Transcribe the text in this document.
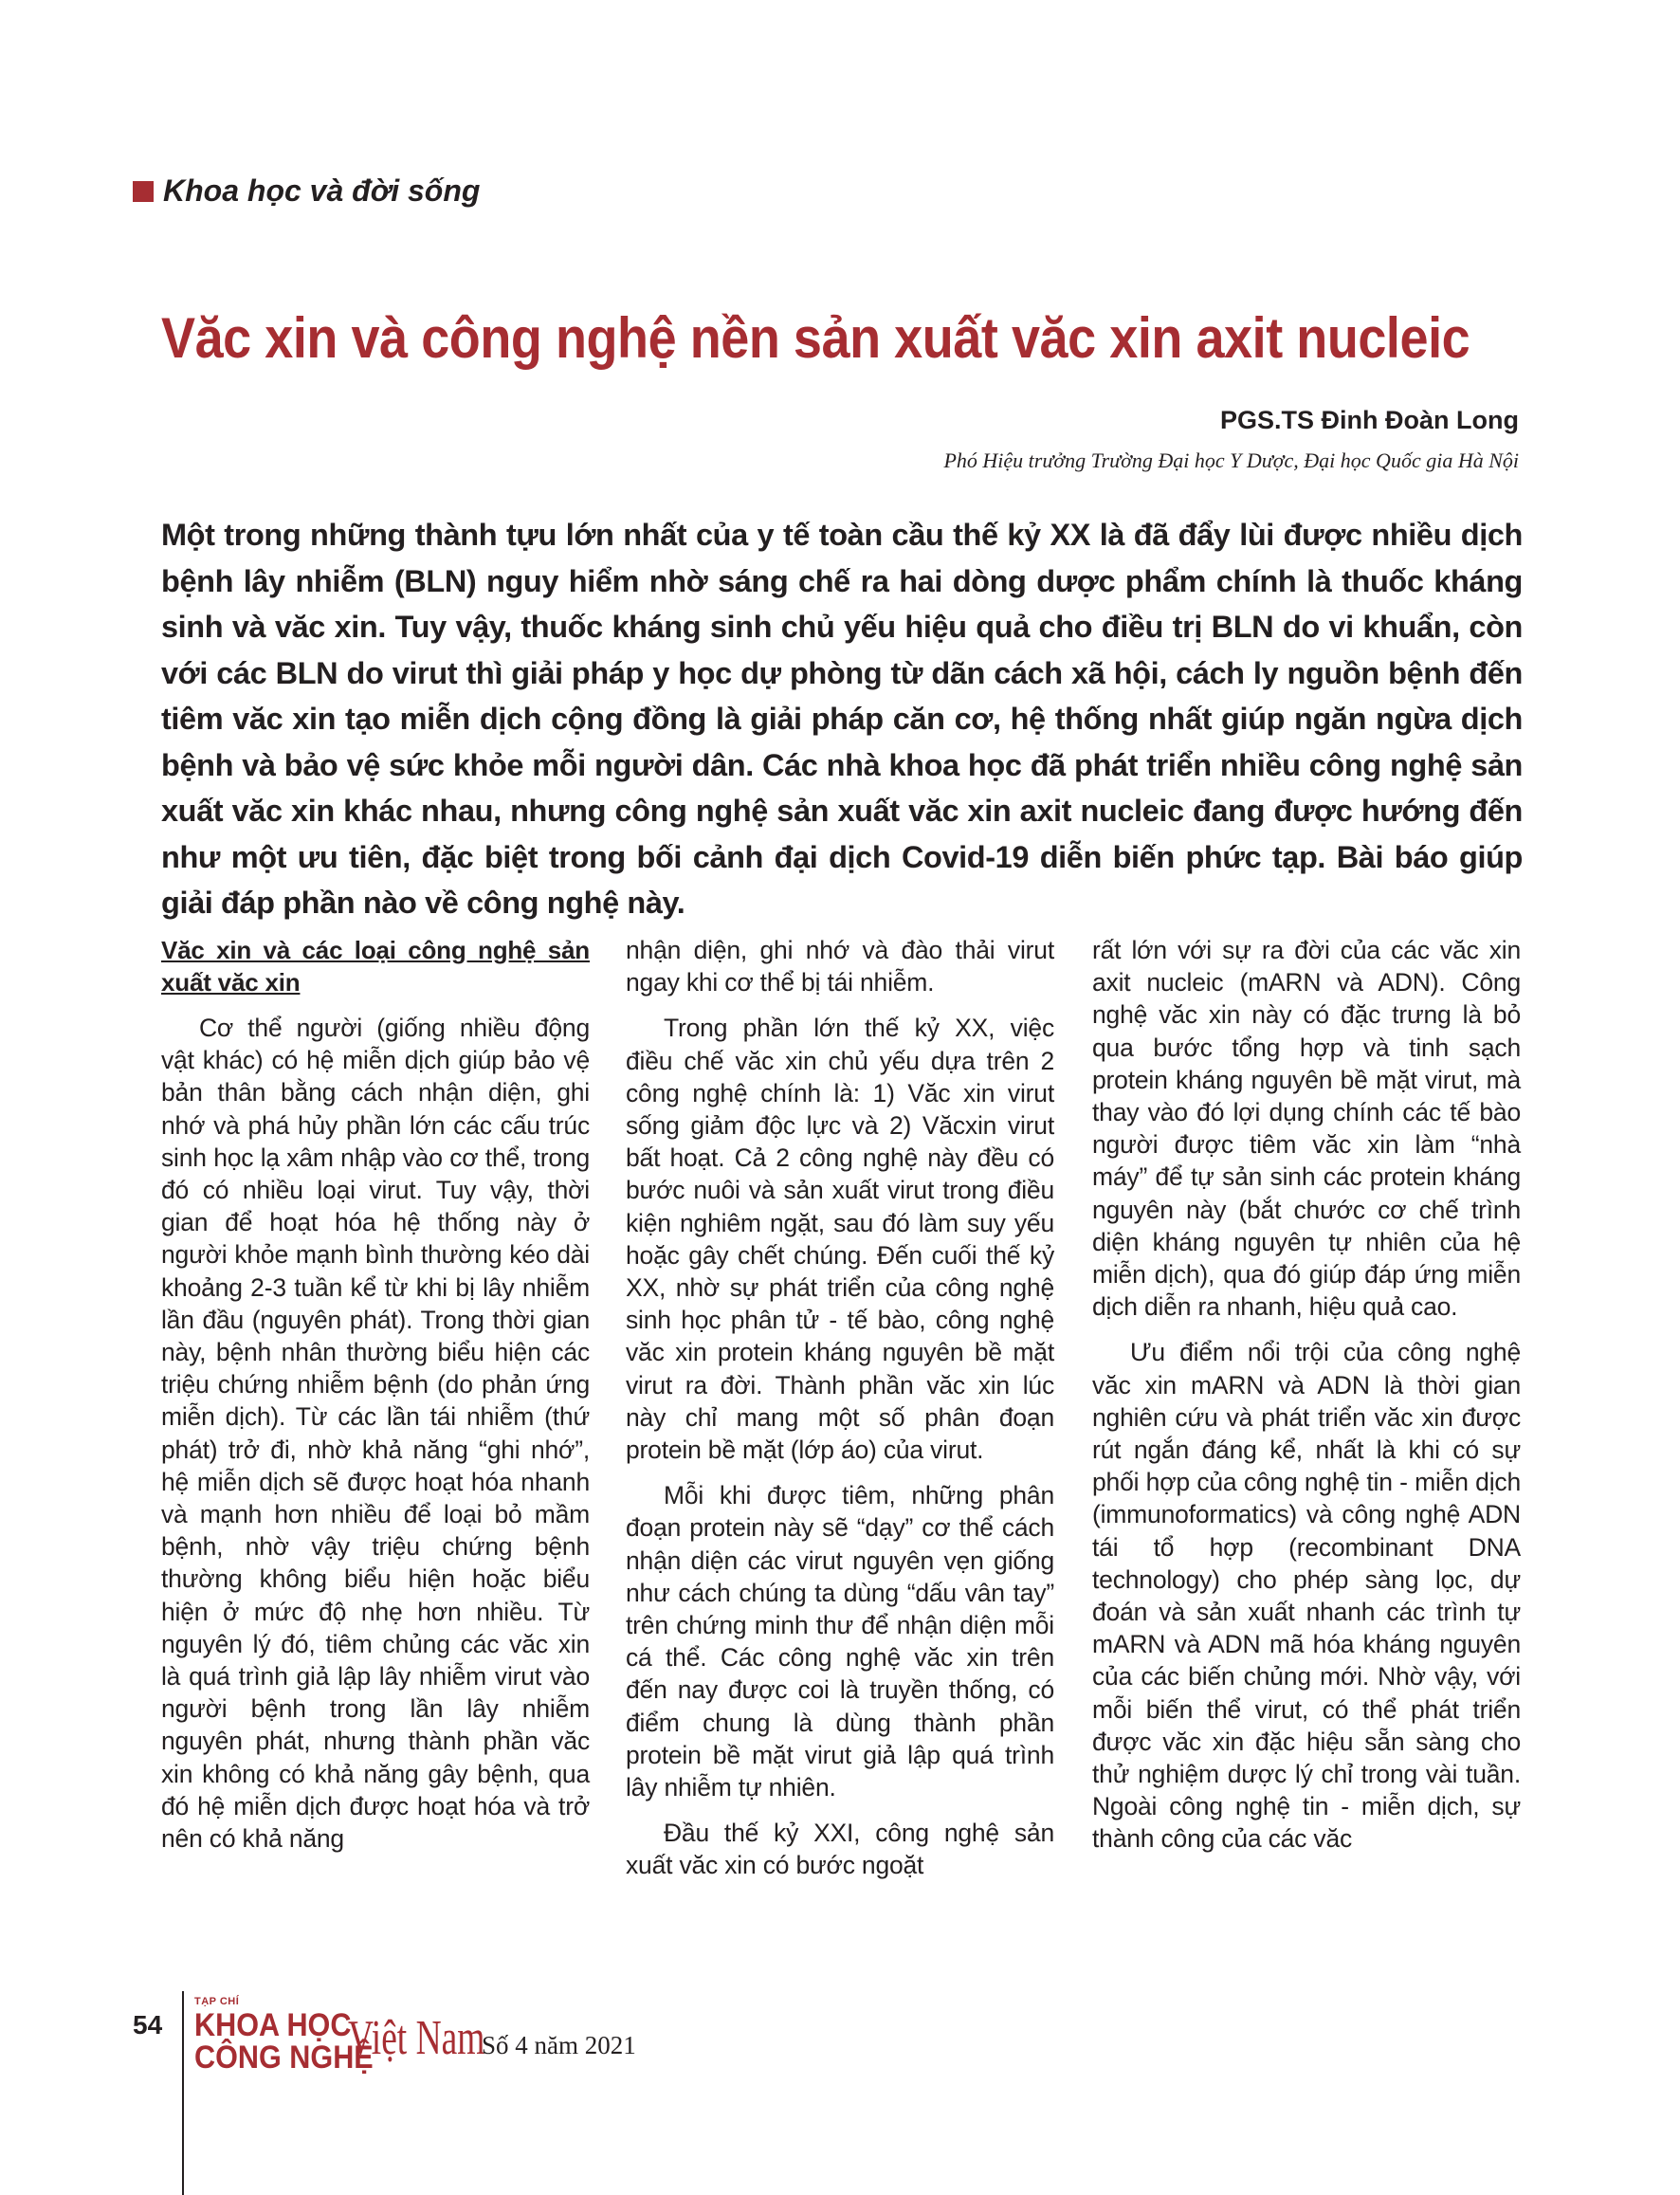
Khoa học và đời sống
Văc xin và công nghệ nền sản xuất văc xin axit nucleic
PGS.TS Đinh Đoàn Long
Phó Hiệu trưởng Trường Đại học Y Dược, Đại học Quốc gia Hà Nội

Một trong những thành tựu lớn nhất của y tế toàn cầu thế kỷ XX là đã đẩy lùi được nhiều dịch bệnh lây nhiễm (BLN) nguy hiểm nhờ sáng chế ra hai dòng dược phẩm chính là thuốc kháng sinh và văc xin. Tuy vậy, thuốc kháng sinh chủ yếu hiệu quả cho điều trị BLN do vi khuẩn, còn với các BLN do virut thì giải pháp y học dự phòng từ dãn cách xã hội, cách ly nguồn bệnh đến tiêm văc xin tạo miễn dịch cộng đồng là giải pháp căn cơ, hệ thống nhất giúp ngăn ngừa dịch bệnh và bảo vệ sức khỏe mỗi người dân. Các nhà khoa học đã phát triển nhiều công nghệ sản xuất văc xin khác nhau, nhưng công nghệ sản xuất văc xin axit nucleic đang được hướng đến như một ưu tiên, đặc biệt trong bối cảnh đại dịch Covid-19 diễn biến phức tạp. Bài báo giúp giải đáp phần nào về công nghệ này.

Văc xin và các loại công nghệ sản xuất văc xin

Cơ thể người (giống nhiều động vật khác) có hệ miễn dịch giúp bảo vệ bản thân bằng cách nhận diện, ghi nhớ và phá hủy phần lớn các cấu trúc sinh học lạ xâm nhập vào cơ thể, trong đó có nhiều loại virut. Tuy vậy, thời gian để hoạt hóa hệ thống này ở người khỏe mạnh bình thường kéo dài khoảng 2-3 tuần kể từ khi bị lây nhiễm lần đầu (nguyên phát). Trong thời gian này, bệnh nhân thường biểu hiện các triệu chứng nhiễm bệnh (do phản ứng miễn dịch). Từ các lần tái nhiễm (thứ phát) trở đi, nhờ khả năng “ghi nhớ”, hệ miễn dịch sẽ được hoạt hóa nhanh và mạnh hơn nhiều để loại bỏ mầm bệnh, nhờ vậy triệu chứng bệnh thường không biểu hiện hoặc biểu hiện ở mức độ nhẹ hơn nhiều. Từ nguyên lý đó, tiêm chủng các văc xin là quá trình giả lập lây nhiễm virut vào người bệnh trong lần lây nhiễm nguyên phát, nhưng thành phần văc xin không có khả năng gây bệnh, qua đó hệ miễn dịch được hoạt hóa và trở nên có khả năng

nhận diện, ghi nhớ và đào thải virut ngay khi cơ thể bị tái nhiễm.

Trong phần lớn thế kỷ XX, việc điều chế văc xin chủ yếu dựa trên 2 công nghệ chính là: 1) Văc xin virut sống giảm độc lực và 2) Văcxin virut bất hoạt. Cả 2 công nghệ này đều có bước nuôi và sản xuất virut trong điều kiện nghiêm ngặt, sau đó làm suy yếu hoặc gây chết chúng. Đến cuối thế kỷ XX, nhờ sự phát triển của công nghệ sinh học phân tử - tế bào, công nghệ văc xin protein kháng nguyên bề mặt virut ra đời. Thành phần văc xin lúc này chỉ mang một số phân đoạn protein bề mặt (lớp áo) của virut.

Mỗi khi được tiêm, những phân đoạn protein này sẽ “dạy” cơ thể cách nhận diện các virut nguyên vẹn giống như cách chúng ta dùng “dấu vân tay” trên chứng minh thư để nhận diện mỗi cá thể. Các công nghệ văc xin trên đến nay được coi là truyền thống, có điểm chung là dùng thành phần protein bề mặt virut giả lập quá trình lây nhiễm tự nhiên.

Đầu thế kỷ XXI, công nghệ sản xuất văc xin có bước ngoặt

rất lớn với sự ra đời của các văc xin axit nucleic (mARN và ADN). Công nghệ văc xin này có đặc trưng là bỏ qua bước tổng hợp và tinh sạch protein kháng nguyên bề mặt virut, mà thay vào đó lợi dụng chính các tế bào người được tiêm văc xin làm “nhà máy” để tự sản sinh các protein kháng nguyên này (bắt chước cơ chế trình diện kháng nguyên tự nhiên của hệ miễn dịch), qua đó giúp đáp ứng miễn dịch diễn ra nhanh, hiệu quả cao.

Ưu điểm nổi trội của công nghệ văc xin mARN và ADN là thời gian nghiên cứu và phát triển văc xin được rút ngắn đáng kể, nhất là khi có sự phối hợp của công nghệ tin - miễn dịch (immunoformatics) và công nghệ ADN tái tổ hợp (recombinant DNA technology) cho phép sàng lọc, dự đoán và sản xuất nhanh các trình tự mARN và ADN mã hóa kháng nguyên của các biến chủng mới. Nhờ vậy, với mỗi biến thể virut, có thể phát triển được văc xin đặc hiệu sẵn sàng cho thử nghiệm dược lý chỉ trong vài tuần. Ngoài công nghệ tin - miễn dịch, sự thành công của các văc

54
TẠP CHÍ
KHOA HỌC
CÔNG NGHỆ
Việt Nam
Số 4 năm 2021
